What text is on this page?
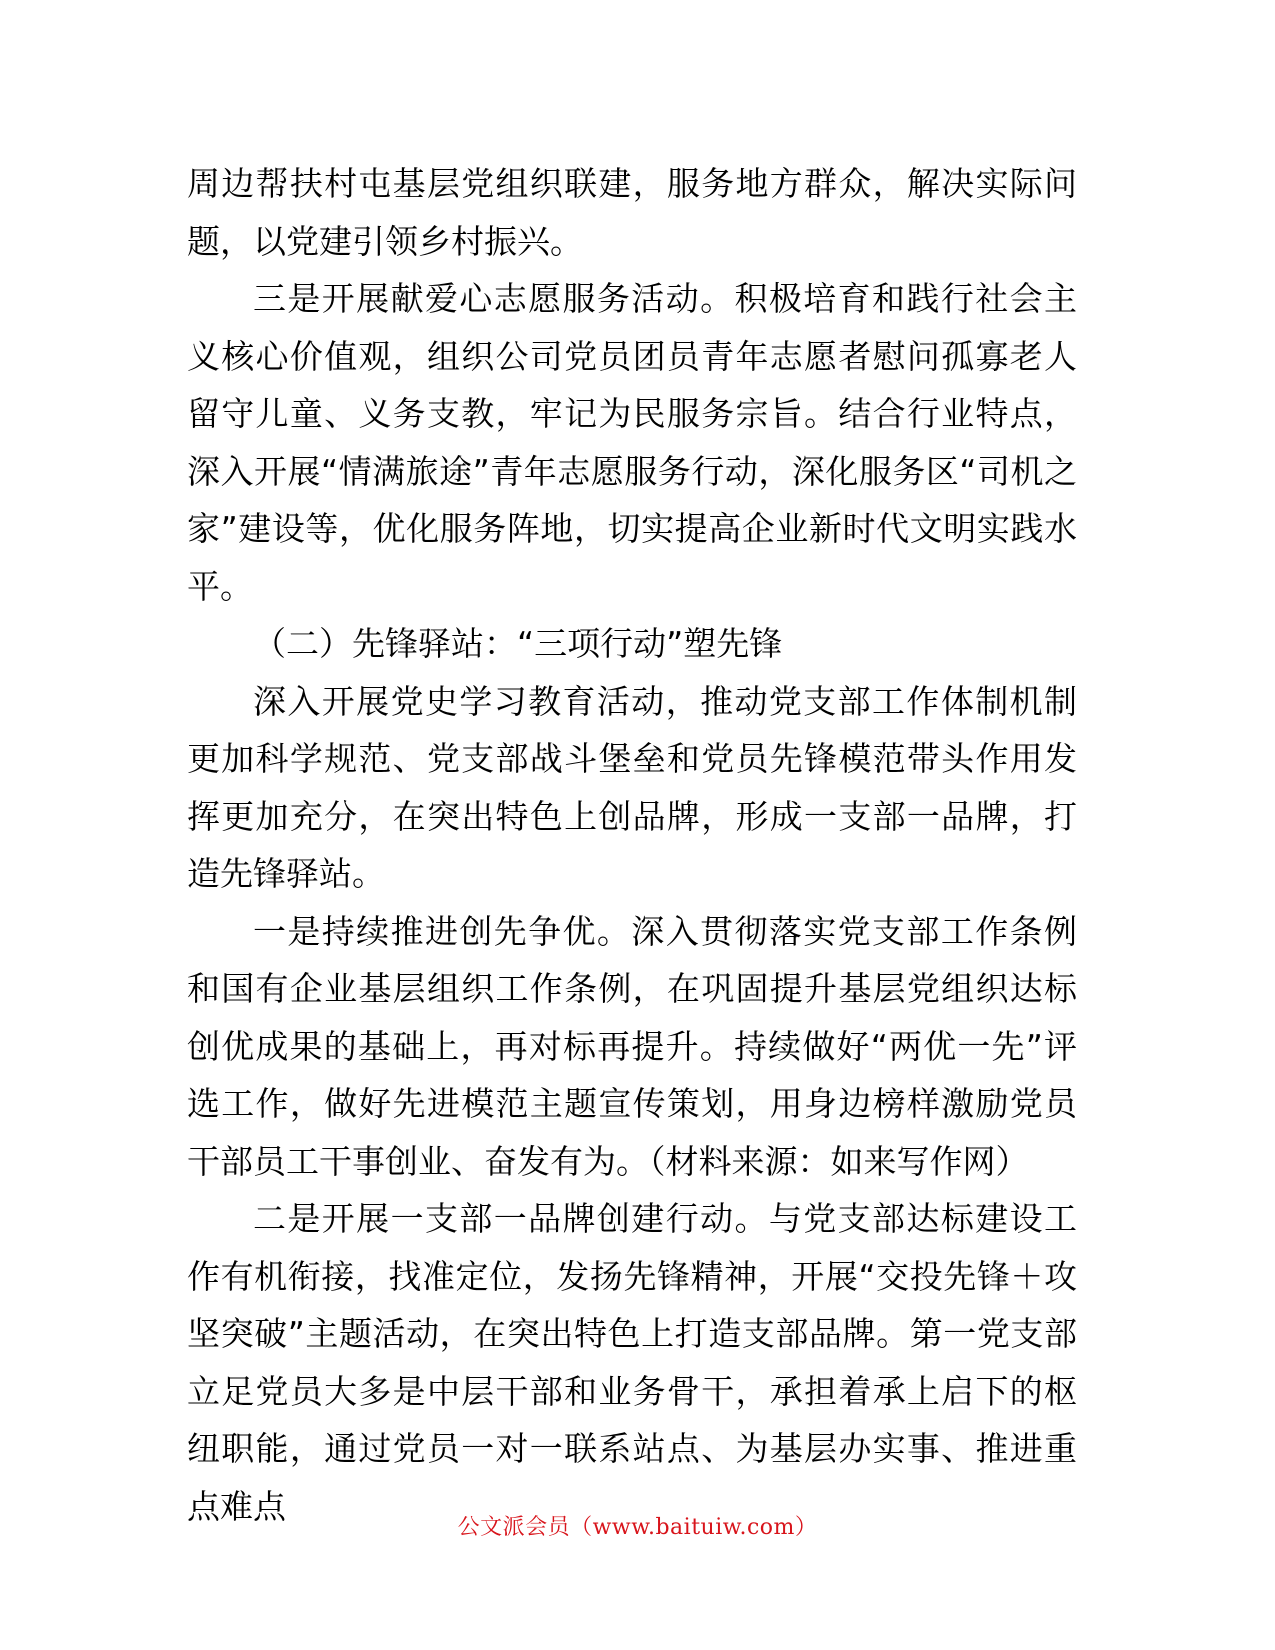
周边帮扶村屯基层党组织联建，服务地方群众，解决实际问题，以党建引领乡村振兴。

三是开展献爱心志愿服务活动。积极培育和践行社会主义核心价值观，组织公司党员团员青年志愿者慰问孤寡老人留守儿童、义务支教，牢记为民服务宗旨。结合行业特点，深入开展“情满旅途”青年志愿服务行动，深化服务区“司机之家”建设等，优化服务阵地，切实提高企业新时代文明实践水平。

（二）先锋驿站：“三项行动”塑先锋

深入开展党史学习教育活动，推动党支部工作体制机制更加科学规范、党支部战斗堡垒和党员先锋模范带头作用发挥更加充分，在突出特色上创品牌，形成一支部一品牌，打造先锋驿站。

一是持续推进创先争优。深入贯彻落实党支部工作条例和国有企业基层组织工作条例，在巩固提升基层党组织达标创优成果的基础上，再对标再提升。持续做好“两优一先”评选工作，做好先进模范主题宣传策划，用身边榜样激励党员干部员工干事创业、奋发有为。（材料来源：如来写作网）

二是开展一支部一品牌创建行动。与党支部达标建设工作有机衔接，找准定位，发扬先锋精神，开展“交投先锋＋攻坚突破”主题活动，在突出特色上打造支部品牌。第一党支部立足党员大多是中层干部和业务骨干，承担着承上启下的枢纽职能，通过党员一对一联系站点、为基层办实事、推进重点难点

公文派会员（www.baituiw.com）
